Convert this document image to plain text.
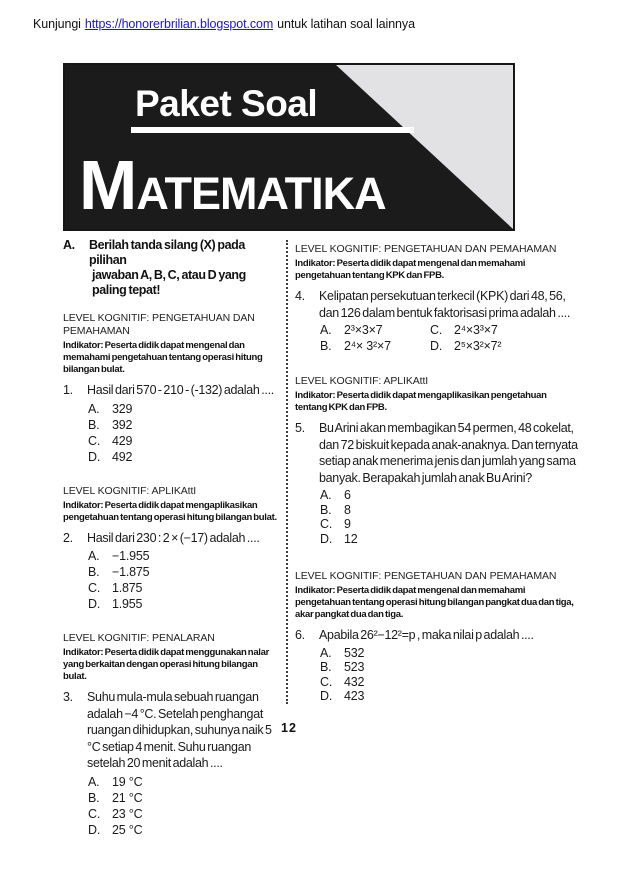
Kunjungi https://honorerbrilian.blogspot.com untuk latihan soal lainnya
Paket Soal
MATEMATIKA
A.	Berilah tanda silang (X) pada pilihan
jawaban A, B, C, atau D yang paling tepat!
LEVEL KOGNITIF: PENGETAHUAN DAN PEMAHAMAN
Indikator: Peserta didik dapat mengenal dan memahami pengetahuan tentang operasi hitung bilangan bulat.
1.	Hasil dari 570 - 210 - (-132) adalah ....
A.	329
B.	392
C. 429
D. 492
LEVEL KOGNITIF: APLIKAttI
Indikator: Peserta didik dapat mengaplikasikan pengetahuan tentang operasi hitung bilangan bulat.
2.	Hasil dari 230 : 2 × (−17) adalah ....
A.	−1.955
B.	−1.875
C. 1.875
D. 1.955
LEVEL KOGNITIF: PENALARAN
Indikator: Peserta didik dapat menggunakan nalar yang berkaitan dengan operasi hitung bilangan bulat.
3.	Suhu mula-mula sebuah ruangan adalah −4 °C. Setelah penghangat ruangan dihidupkan, suhunya naik 5 °C setiap 4 menit. Suhu ruangan setelah 20 menit adalah ....
A.	19 °C
B.	21 °C
C. 23 °C
D. 25 °C
LEVEL KOGNITIF: PENGETAHUAN DAN PEMAHAMAN
Indikator: Peserta didik dapat mengenal dan memahami pengetahuan tentang KPK dan FPB.
4.	Kelipatan persekutuan terkecil (KPK) dari 48, 56, dan 126 dalam bentuk faktorisasi prima adalah ....
A.	2³×3×7	C. 2⁴×3³×7
B.	2⁴× 3²×7	D. 2⁵×3²×7²
LEVEL KOGNITIF: APLIKAttI
Indikator: Peserta didik dapat mengaplikasikan pengetahuan tentang KPK dan FPB.
5.	Bu Arini akan membagikan 54 permen, 48 cokelat, dan 72 biskuit kepada anak-anaknya. Dan ternyata setiap anak menerima jenis dan jumlah yang sama banyak. Berapakah jumlah anak Bu Arini?
A.	6
B.	8
C. 9
D. 12
LEVEL KOGNITIF: PENGETAHUAN DAN PEMAHAMAN
Indikator: Peserta didik dapat mengenal dan memahami pengetahuan tentang operasi hitung bilangan pangkat dua dan tiga, akar pangkat dua dan tiga.
6.	Apabila 26²−12²=p , maka nilai p adalah ....
A.	532
B.	523
C. 432
D. 423
12
